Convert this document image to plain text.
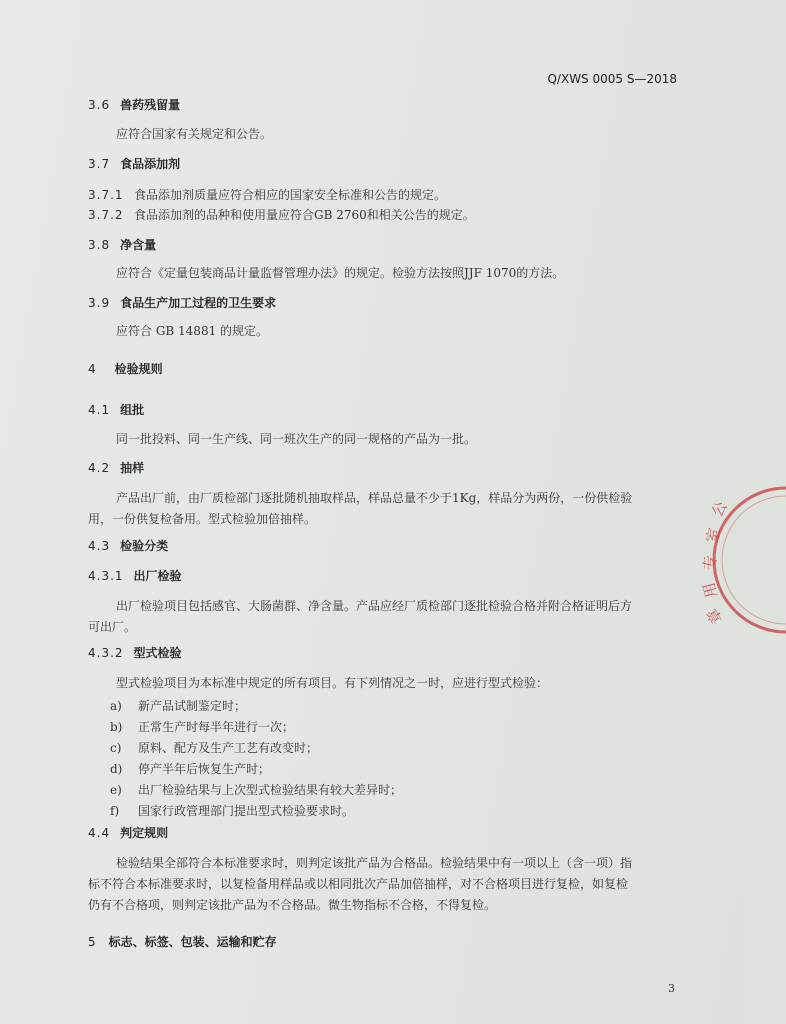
Q/XWS 0005 S—2018
3.6 兽药残留量
应符合国家有关规定和公告。
3.7 食品添加剂
3.7.1 食品添加剂质量应符合相应的国家安全标准和公告的规定。
3.7.2 食品添加剂的品种和使用量应符合GB 2760和相关公告的规定。
3.8 净含量
应符合《定量包装商品计量监督管理办法》的规定。检验方法按照JJF 1070的方法。
3.9 食品生产加工过程的卫生要求
应符合 GB 14881 的规定。
4 检验规则
4.1 组批
同一批投料、同一生产线、同一班次生产的同一规格的产品为一批。
4.2 抽样
产品出厂前，由厂质检部门逐批随机抽取样品，样品总量不少于1Kg，样品分为两份，一份供检验
用，一份供复检备用。型式检验加倍抽样。
4.3 检验分类
4.3.1 出厂检验
出厂检验项目包括感官、大肠菌群、净含量。产品应经厂质检部门逐批检验合格并附合格证明后方
可出厂。
4.3.2 型式检验
型式检验项目为本标准中规定的所有项目。有下列情况之一时，应进行型式检验：
a) 新产品试制鉴定时；
b) 正常生产时每半年进行一次；
c) 原料、配方及生产工艺有改变时；
d) 停产半年后恢复生产时；
e) 出厂检验结果与上次型式检验结果有较大差异时；
f) 国家行政管理部门提出型式检验要求时。
4.4 判定规则
检验结果全部符合本标准要求时，则判定该批产品为合格品。检验结果中有一项以上（含一项）指
标不符合本标准要求时，以复检备用样品或以相同批次产品加倍抽样，对不合格项目进行复检，如复检
仍有不合格项，则判定该批产品为不合格品。微生物指标不合格，不得复检。
5 标志、标签、包装、运输和贮存
3
公
室
专
用
章
